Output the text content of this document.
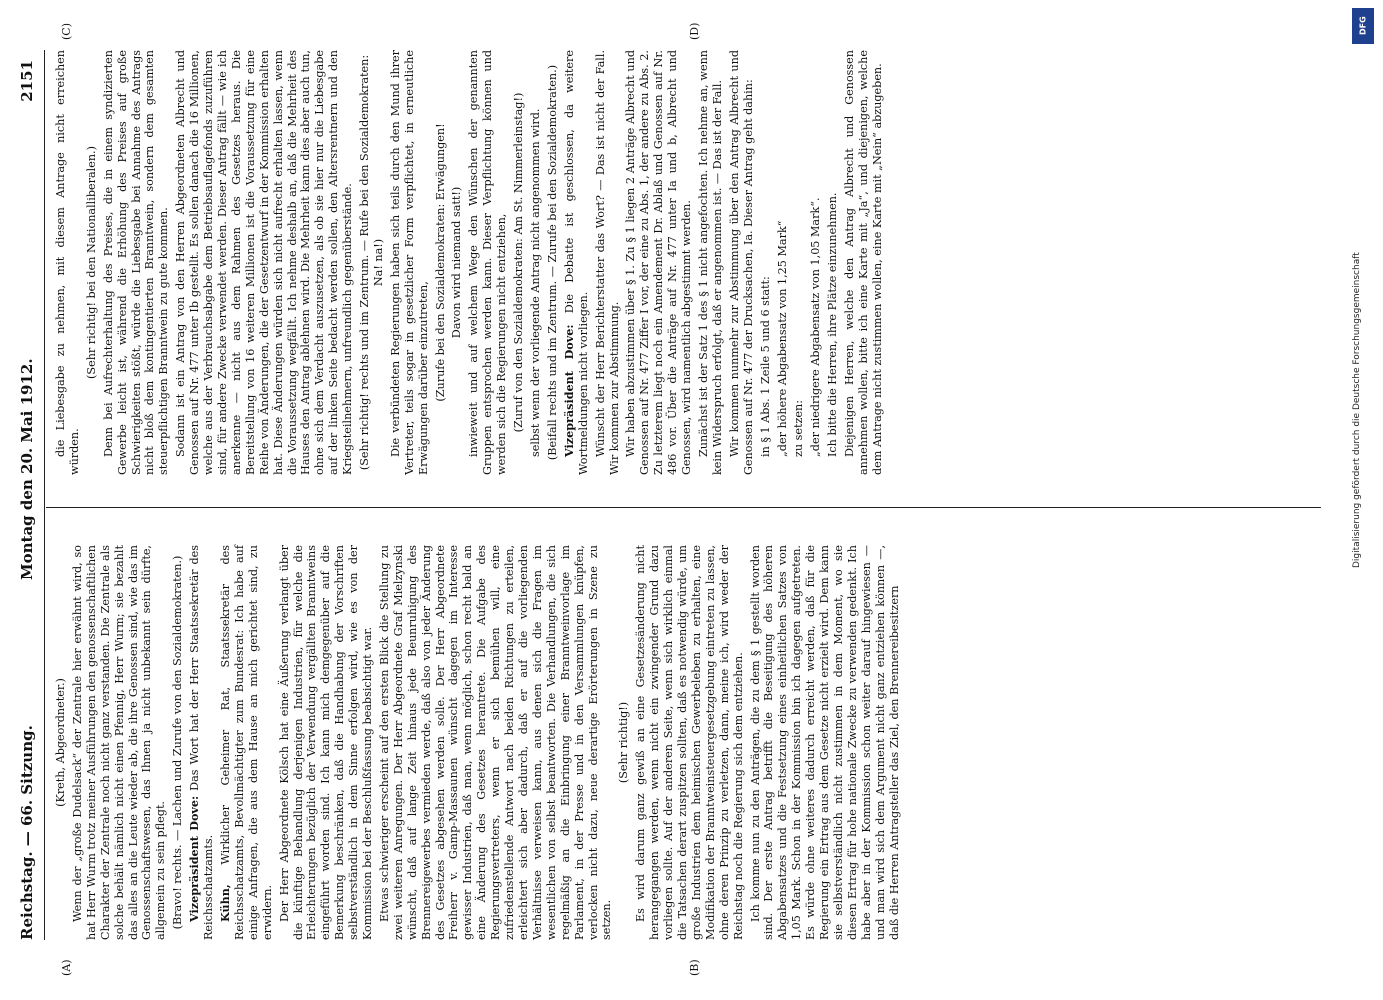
Reichstag. — 66. Sitzung.
Montag den 20. Mai 1912.
2151
(A)	(B)
(C)	(D)

(Kreth, Abgeordneter.) Wenn der „große Dudelsack“ der Zentrale hier erwähnt wird, so hat Herr Wurm trotz meiner Ausführungen den genossenschaftlichen Charakter der Zentrale noch nicht ganz verstanden. Die Zentrale als solche behält nämlich nicht einen Pfennig, Herr Wurm; sie bezahlt das alles an die Leute wieder ab, die ihre Genossen sind, wie das im Genossenschaftswesen, das Ihnen ja nicht unbekannt sein dürfte, allgemein zu sein pflegt. (Bravo! rechts. — Lachen und Zurufe von den Sozialdemokraten.) Vizepräsident Dove: Das Wort hat der Herr Staatssekretär des Reichsschatzamts. Kühn, Wirklicher Geheimer Rat, Staatssekretär des Reichsschatzamts, Bevollmächtigter zum Bundesrat: Ich habe auf einige Anfragen, die aus dem Hause an mich gerichtet sind, zu erwidern. Der Herr Abgeordnete Kölsch hat eine Äußerung verlangt über die künftige Behandlung derjenigen Industrien, für welche die Erleichterungen bezüglich der Verwendung vergällten Branntweins eingeführt worden sind. Ich kann mich demgegenüber auf die Bemerkung beschränken, daß die Handhabung der Vorschriften selbstverständlich in dem Sinne erfolgen wird, wie es von der Kommission bei der Beschlußfassung beabsichtigt war. Etwas schwieriger erscheint auf den ersten Blick die Stellung zu zwei weiteren Anregungen. Der Herr Abgeordnete Graf Mielzynski wünscht, daß auf lange Zeit hinaus jede Beunruhigung des Brennereigewerbes vermieden werde, daß also von jeder Änderung des Gesetzes abgesehen werden solle. Der Herr Abgeordnete Freiherr v. Gamp-Massaunen wünscht dagegen im Interesse gewisser Industrien, daß man, wenn möglich, schon recht bald an eine Änderung des Gesetzes herantrete. Die Aufgabe des Regierungsvertreters, wenn er sich bemühen will, eine zufriedenstellende Antwort nach beiden Richtungen zu erteilen, erleichtert sich aber dadurch, daß er auf die vorliegenden Verhältnisse verweisen kann, aus denen sich die Fragen im wesentlichen von selbst beantworten. Die Verhandlungen, die sich regelmäßig an die Einbringung einer Branntweinvorlage im Parlament, in der Presse und in den Versammlungen knüpfen, verlocken nicht dazu, neue derartige Erörterungen in Szene zu setzen.

(Sehr richtig!) Es wird darum ganz gewiß an eine Gesetzesänderung nicht herangegangen werden, wenn nicht ein zwingender Grund dazu vorliegen sollte. Auf der anderen Seite, wenn sich wirklich einmal die Tatsachen derart zuspitzen sollten, daß es notwendig würde, um große Industrien dem heimischen Gewerbeleben zu erhalten, eine Modifikation der Branntweinsteuergesetzgebung eintreten zu lassen, ohne deren Prinzip zu verletzen, dann, meine ich, wird weder der Reichstag noch die Regierung sich dem entziehen. Ich komme nun zu den Anträgen, die zu dem § 1 gestellt worden sind. Der erste Antrag betrifft die Beseitigung des höheren Abgabensatzes und die Festsetzung eines einheitlichen Satzes von 1,05 Mark. Schon in der Kommission bin ich dagegen aufgetreten. Es würde ohne weiteres dadurch erreicht werden, daß für die Regierung ein Ertrag aus dem Gesetze nicht erzielt wird. Dem kann sie selbstverständlich nicht zustimmen in dem Moment, wo sie diesen Ertrag für hohe nationale Zwecke zu verwenden gedenkt. Ich habe aber in der Kommission schon weiter darauf hingewiesen — und man wird sich dem Argument nicht ganz entziehen können —, daß die Herren Antragsteller das Ziel, den Brennereibesitzern

die Liebesgabe zu nehmen, mit diesem Antrage nicht erreichen würden.

(Sehr richtig! bei den Nationalliberalen.) Denn bei Aufrechterhaltung des Preises, die in einem syndizierten Gewerbe leicht ist, während die Erhöhung des Preises auf große Schwierigkeiten stößt, würde die Liebesgabe bei Annahme des Antrags nicht bloß dem kontingentierten Branntwein, sondern dem gesamten steuerpflichtigen Branntwein zu gute kommen. Sodann ist ein Antrag von den Herren Abgeordneten Albrecht und Genossen auf Nr. 477 unter Ib gestellt. Es sollen danach die 16 Millionen, welche aus der Verbrauchsabgabe dem Betriebsauflagefonds zuzuführen sind, für andere Zwecke verwendet werden. Dieser Antrag fällt — wie ich anerkenne — nicht aus dem Rahmen des Gesetzes heraus. Die Bereitstellung von 16 weiteren Millionen ist die Voraussetzung für eine Reihe von Änderungen, die der Gesetzentwurf in der Kommission erhalten hat. Diese Änderungen würden sich nicht aufrecht erhalten lassen, wenn die Voraussetzung wegfällt. Ich nehme deshalb an, daß die Mehrheit des Hauses den Antrag ablehnen wird. Die Mehrheit kann dies aber auch tun, ohne sich dem Verdacht auszusetzen, als ob sie hier nur die Liebesgabe auf der linken Seite bedacht werden sollen, den Altersrentnern und den Kriegsteilnehmern, unfreundlich gegenüberstände. (Sehr richtig! rechts und im Zentrum. — Rufe bei den Sozialdemokraten: Na! na!) Die verbündeten Regierungen haben sich teils durch den Mund ihrer Vertreter, teils sogar in gesetzlicher Form verpflichtet, in erneutliche Erwägungen darüber einzutreten, (Zurufe bei den Sozialdemokraten: Erwägungen! Davon wird niemand satt!) inwieweit und auf welchem Wege den Wünschen der genannten Gruppen entsprochen werden kann. Dieser Verpflichtung können und werden sich die Regierungen nicht entziehen, (Zuruf von den Sozialdemokraten: Am St. Nimmerleinstag!) selbst wenn der vorliegende Antrag nicht angenommen wird. (Beifall rechts und im Zentrum. — Zurufe bei den Sozialdemokraten.) Vizepräsident Dove: Die Debatte ist geschlossen, da weitere Wortmeldungen nicht vorliegen. Wünscht der Herr Berichterstatter das Wort? — Das ist nicht der Fall. Wir kommen zur Abstimmung. Wir haben abzustimmen über § 1. Zu § 1 liegen 2 Anträge Albrecht und Genossen auf Nr. 477 Ziffer I vor, der eine zu Abs. 1, der andere zu Abs. 2. Zu letzterem liegt noch ein Amendement Dr. Ablaß und Genossen auf Nr. 486 vor. Über die Anträge auf Nr. 477 unter Ia und b, Albrecht und Genossen, wird namentlich abgestimmt werden. Zunächst ist der Satz 1 des § 1 nicht angefochten. Ich nehme an, wenn kein Widerspruch erfolgt, daß er angenommen ist. — Das ist der Fall. Wir kommen nunmehr zur Abstimmung über den Antrag Albrecht und Genossen auf Nr. 477 der Drucksachen, Ia. Dieser Antrag geht dahin: in § 1 Abs. 1 Zeile 5 und 6 statt: „der höhere Abgabensatz von 1,25 Mark“ zu setzen: „der niedrigere Abgabensatz von 1,05 Mark“. Ich bitte die Herren, ihre Plätze einzunehmen. Diejenigen Herren, welche den Antrag Albrecht und Genossen annehmen wollen, bitte ich eine Karte mit „Ja“, und diejenigen, welche dem Antrage nicht zustimmen wollen, eine Karte mit „Nein“ abzugeben.	Digitalisierung gefördert durch die Deutsche Forschungsgemeinschaft
DFG
